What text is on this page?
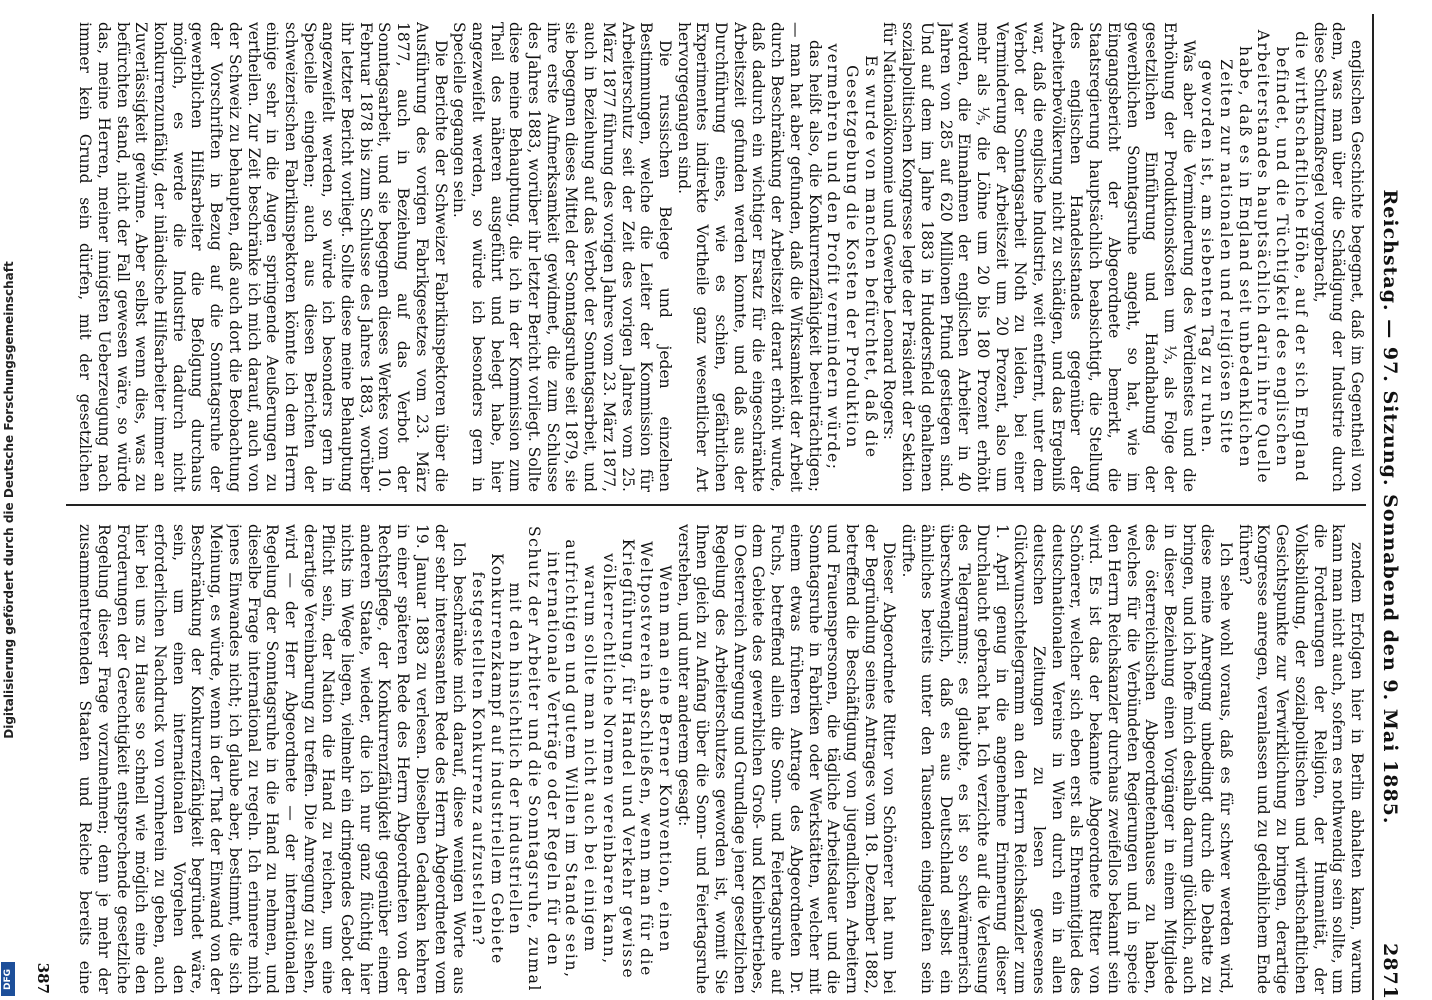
Digitalisierung gefördert durch die Deutsche Forschungsgemeinschaft
DFG
Reichstag. — 97. Sitzung. Sonnabend den 9. Mai 1885.
2871

englischen Geschichte begegnet, daß im Gegentheil von dem, was man über die Schädigung der Industrie durch diese Schutzmaßregel vorgebracht,

die wirthschaftliche Höhe, auf der sich England befindet, und die Tüchtigkeit des englischen Arbeiterstandes hauptsächlich darin ihre Quelle habe, daß es in England seit unbedenklichen Zeiten zur nationalen und religiösen Sitte geworden ist, am siebenten Tag zu ruhen.

Was aber die Verminderung des Verdienstes und die Erhöhung der Produktionskosten um ⅓, als Folge der gesetzlichen Einführung und Handhabung der gewerblichen Sonntagsruhe angeht, so hat, wie im Eingangsbericht der Abgeordnete bemerkt, die Staatsregierung hauptsächlich beabsichtigt, die Stellung des englischen Handelsstandes gegenüber der Arbeiterbevölkerung nicht zu schädigen, und das Ergebniß war, daß die englische Industrie, weit entfernt, unter dem Verbot der Sonntagsarbeit Noth zu leiden, bei einer Verminderung der Arbeitszeit um 20 Prozent, also um mehr als ⅕, die Löhne um 20 bis 180 Prozent erhöht worden, die Einnahmen der englischen Arbeiter in 40 Jahren von 285 auf 620 Millionen Pfund gestiegen sind. Und auf dem im Jahre 1883 in Huddersfield gehaltenen sozialpolitischen Kongresse legte der Präsident der Sektion für Nationalökonomie und Gewerbe Leonard Rogers:

Es wurde von manchen befürchtet, daß die Gesetzgebung die Kosten der Produktion vermehren und den Profit vermindern würde;

das heißt also, die Konkurrenzfähigkeit beeinträchtigen; — man hat aber gefunden, daß die Wirksamkeit der Arbeit durch Beschränkung der Arbeitszeit derart erhöht wurde, daß dadurch ein wichtiger Ersatz für die eingeschränkte Arbeitszeit gefunden werden konnte, und daß aus der Durchführung eines, wie es schien, gefährlichen Experimentes indirekte Vortheile ganz wesentlicher Art hervorgegangen sind.

Die russischen Belege und jeden einzelnen Bestimmungen, welche die Leiter der Kommission für Arbeiterschutz seit der Zeit des vorigen Jahres vom 25. März 1877 führung des vorigen Jahres vom 23. März 1877, auch in Beziehung auf das Verbot der Sonntagsarbeit, und sie begegnen dieses Mittel der Sonntagsruhe seit 1879, sie ihre erste Aufmerksamkeit gewidmet, die zum Schlusse des Jahres 1883, worüber ihr letzter Bericht vorliegt. Sollte diese meine Behauptung, die ich in der Kommission zum Theil des näheren ausgeführt und belegt habe, hier angezweifelt werden, so würde ich besonders gern in Specielle gegangen sein.

Die Berichte der Schweizer Fabrikinspektoren über die Ausführung des vorigen Fabrikgesetzes vom 23. März 1877, auch in Beziehung auf das Verbot der Sonntagsarbeit, und sie begegnen dieses Werkes vom 10. Februar 1878 bis zum Schlusse des Jahres 1883, worüber ihr letzter Bericht vorliegt. Sollte diese meine Behauptung angezweifelt werden, so würde ich besonders gern in Specielle eingehen; auch aus diesen Berichten der schweizerischen Fabrikinspektoren könnte ich dem Herrn einige sehr in die Augen springende Aeußerungen zu vertheilen. Zur Zeit beschränke ich mich darauf, auch von der Schweiz zu behaupten, daß auch dort die Beobachtung der Vorschriften in Bezug auf die Sonntagsruhe der gewerblichen Hilfsarbeiter die Befolgung durchaus möglich, es werde die Industrie dadurch nicht konkurrenzunfähig, der inländische Hilfsarbeiter immer an Zuverlässigkeit gewinne. Aber selbst wenn dies, was zu befürchten stand, nicht der Fall gewesen wäre, so würde das, meine Herren, meiner innigsten Ueberzeugung nach immer kein Grund sein dürfen, mit der gesetzlichen

zendem Erfolgen hier in Berlin abhalten kann, warum kann man nicht auch, sofern es nothwendig sein sollte, um die Forderungen der Religion, der Humanität, der Volksbildung, der sozialpolitischen und wirthschaftlichen Gesichtspunkte zur Verwirklichung zu bringen, derartige Kongresse anregen, veranlassen und zu gedeihlichem Ende führen?

Ich sehe wohl voraus, daß es für schwer werden wird, diese meine Anregung unbedingt durch die Debatte zu bringen, und ich hoffe mich deshalb darum glücklich, auch in dieser Beziehung einen Vorgänger in einem Mitgliede des österreichischen Abgeordnetenhauses zu haben, welches für die Verbündeten Regierungen und in specie den Herrn Reichskanzler durchaus zweifellos bekannt sein wird. Es ist das der bekannte Abgeordnete Ritter von Schönerer, welcher sich eben erst als Ehrenmitglied des deutschnationalen Vereins in Wien durch ein in allen deutschen Zeitungen zu lesen gewesenes Glückwunschtelegramm an den Herrn Reichskanzler zum 1. April genug in die angenehme Erinnerung dieser Durchlaucht gebracht hat. Ich verzichte auf die Verlesung des Telegramms; es glaubte, es ist so schwärmerisch überschwenglich, daß es aus Deutschland selbst ein ähnliches bereits unter den Tausenden eingelaufen sein dürfte.

Dieser Abgeordnete Ritter von Schönerer hat nun bei der Begründung seines Antrages vom 18. Dezember 1882, betreffend die Beschäftigung von jugendlichen Arbeitern und Frauenspersonen, die tägliche Arbeitsdauer und die Sonntagsruhe in Fabriken oder Werkstätten, welcher mit einem etwas früheren Antrage des Abgeordneten Dr. Fuchs, betreffend allein die Sonn- und Feiertagsruhe auf dem Gebiete des gewerblichen Groß- und Kleinbetriebes, in Oesterreich Anregung und Grundlage jener gesetzlichen Regelung des Arbeiterschutzes geworden ist, womit Sie Ihnen gleich zu Anfang über die Sonn- und Feiertagsruhe verstehen, und unter anderem gesagt:

Wenn man eine Berner Konvention, einen Weltpostverein abschließen, wenn man für die Kriegführung, für Handel und Verkehr gewisse völkerrechtliche Normen vereinbaren kann, warum sollte man nicht auch bei einigem aufrichtigen und gutem Willen im Stande sein, internationale Verträge oder Regeln für den Schutz der Arbeiter und die Sonntagsruhe, zumal mit den hinsichtlich der industriellen Konkurrenzkampf auf industriellem Gebiete festgestellten Konkurrenz aufzustellen?

Ich beschränke mich darauf, diese wenigen Worte aus der sehr interessanten Rede des Herrn Abgeordneten vom 19. Januar 1883 zu verlesen. Dieselben Gedanken kehren in einer späteren Rede des Herrn Abgeordneten von der Rechtspflege, der Konkurrenzfähigkeit gegenüber einem anderen Staate, wieder, die ich nur ganz flüchtig hier nichts im Wege liegen, vielmehr ein dringendes Gebot der Pflicht sein, der Nation die Hand zu reichen, um eine derartige Vereinbarung zu treffen. Die Anregung zu sehen, wird — der Herr Abgeordnete — der internationalen Regelung der Sonntagsruhe in die Hand zu nehmen, und dieselbe Frage international zu regeln. Ich erinnere mich jenes Einwandes nicht; ich glaube aber, bestimmt, die sich Meinung, es würde, wenn in der That der Einwand von der Beschränkung der Konkurrenzfähigkeit begründet wäre, sein, um einen internationalen Vorgehen den erforderlichen Nachdruck von vornherein zu geben, auch hier bei uns zu Hause so schnell wie möglich eine den Forderungen der Gerechtigkeit entsprechende gesetzliche Regelung dieser Frage vorzunehmen; denn je mehr der zusammentretenden Staaten und Reiche bereits eine

387
